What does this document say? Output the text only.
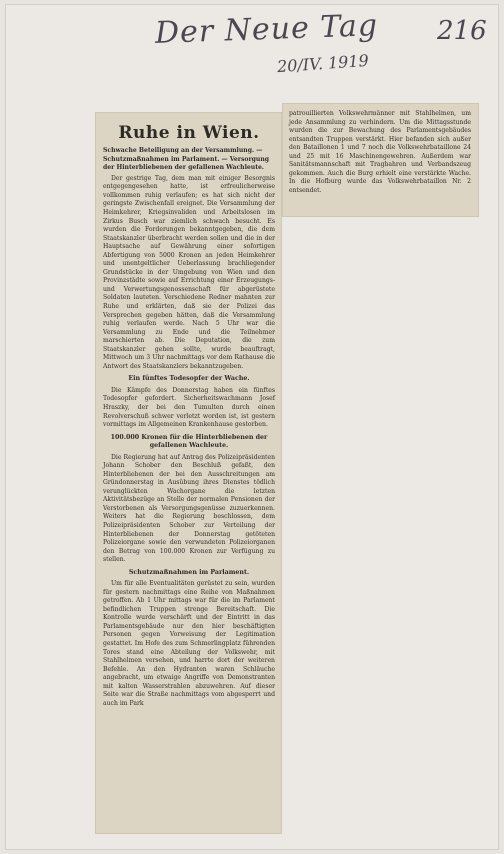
Der Neue Tag
20/IV. 1919
216
Ruhe in Wien.

Schwache Beteiligung an der Versammlung. — Schutzmaßnahmen im Parlament. — Versorgung der Hinterbliebenen der gefallenen Wachleute.

Der gestrige Tag, dem man mit einiger Besorgnis entgegengesehen hatte, ist erfreulicherweise vollkommen ruhig verlaufen; es hat sich nicht der geringste Zwischenfall ereignet. Die Versammlung der Heimkehrer, Kriegsinvaliden und Arbeitslosen im Zirkus Busch war ziemlich schwach besucht. Es wurden die Forderungen bekanntgegeben, die dem Staatskanzler überbracht werden sollen und die in der Hauptsache auf Gewährung einer sofortigen Abfertigung von 5000 Kronen an jeden Heimkehrer und unentgeltlicher Ueberlassung brachliegender Grundstücke in der Umgebung von Wien und den Provinzstädte sowie auf Errichtung einer Erzeugungs- und Verwertungsgenossenschaft für abgerüstete Soldaten lauteten. Verschiedene Redner mahnten zur Ruhe und erklärten, daß sie der Polizei das Versprechen gegeben hätten, daß die Versammlung ruhig verlaufen werde. Nach 5 Uhr war die Versammlung zu Ende und die Teilnehmer marschierten ab. Die Deputation, die zum Staatskanzler gehen sollte, wurde beauftragt, Mittwoch um 3 Uhr nachmittags vor dem Rathause die Antwort des Staatskanzlers bekanntzugeben.

Ein fünftes Todesopfer der Wache.

Die Kämpfe des Donnerstag haben ein fünftes Todesopfer gefordert. Sicherheitswachmann Josef Hraszky, der bei den Tumulten durch einen Revolverschuß schwer verletzt worden ist, ist gestern vormittags im Allgemeinen Krankenhause gestorben.

100.000 Kronen für die Hinterbliebenen der gefallenen Wachleute.

Die Regierung hat auf Antrag des Polizeipräsidenten Johann Schober den Beschluß gefaßt, den Hinterbliebenen der bei den Ausschreitungen am Gründonnerstag in Ausübung ihres Dienstes tödlich verunglückten Wachorgane die letzten Aktivitätsbezüge an Stelle der normalen Pensionen der Verstorbenen als Versorgungsgenüsse zuzuerkennen. Weiters hat die Regierung beschlossen, dem Polizeipräsidenten Schober zur Verteilung der Hinterbliebenen der Donnerstag getöteten Polizeiorgane sowie den verwundeten Polizeiorganen den Betrag von 100.000 Kronen zur Verfügung zu stellen.

Schutzmaßnahmen im Parlament.

Um für alle Eventualitäten gerüstet zu sein, wurden für gestern nachmittags eine Reihe von Maßnahmen getroffen. Ab 1 Uhr mittags war für die im Parlament befindlichen Truppen strenge Bereitschaft. Die Kontrolle wurde verschärft und der Eintritt in das Parlamentsgebäude nur den hier beschäftigten Personen gegen Vorweisung der Legitimation gestattet. Im Hofe des zum Schmerlingplatz führenden Tores stand eine Abteilung der Volkswehr, mit Stahlhelmen versehen, und harrte dort der weiteren Befehle. An den Hydranten waren Schläuche angebracht, um etwaige Angriffe von Demonstranten mit kalten Wasserstrahlen abzuwehren. Auf dieser Seite war die Straße nachmittags vom abgesperrt und auch im Park

patrouillierten Volkswehrmänner mit Stahlhelmen, um jede Ansammlung zu verhindern. Um die Mittagsstunde wurden die zur Bewachung des Parlamentsgebäudes entsandten Truppen verstärkt. Hier befanden sich außer den Bataillonen 1 und 7 noch die Volkswehrbataillone 24 und 25 mit 16 Maschinengewehren. Außerdem war Sanitätsmannschaft mit Tragbahren und Verbandszeug gekommen. Auch die Burg erhielt eine verstärkte Wache. In die Hofburg wurde das Volkswehrbataillon Nr. 2 entsendet.
